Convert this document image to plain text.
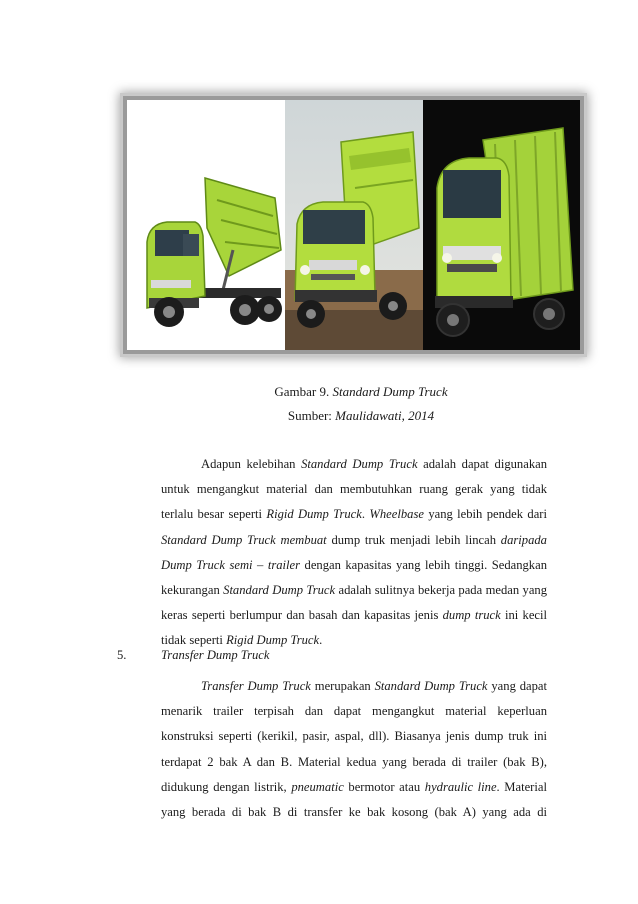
Gambar 9. Standard Dump Truck
Sumber: Maulidawati, 2014
Adapun kelebihan Standard Dump Truck adalah dapat digunakan
untuk mengangkut material dan membutuhkan ruang gerak yang tidak
terlalu besar seperti Rigid Dump Truck. Wheelbase yang lebih pendek dari
Standard Dump Truck membuat dump truk menjadi lebih lincah daripada
Dump Truck semi – trailer dengan kapasitas yang lebih tinggi. Sedangkan
kekurangan Standard Dump Truck adalah sulitnya bekerja pada medan yang
keras seperti berlumpur dan basah dan kapasitas jenis dump truck ini kecil
tidak seperti Rigid Dump Truck.
5.	Transfer Dump Truck
Transfer Dump Truck merupakan Standard Dump Truck yang dapat
menarik trailer terpisah dan dapat mengangkut material keperluan
konstruksi seperti (kerikil, pasir, aspal, dll). Biasanya jenis dump truk ini
terdapat 2 bak A dan B. Material kedua yang berada di trailer (bak B),
didukung dengan listrik, pneumatic bermotor atau hydraulic line. Material
yang berada di bak B di transfer ke bak kosong (bak A) yang ada di
